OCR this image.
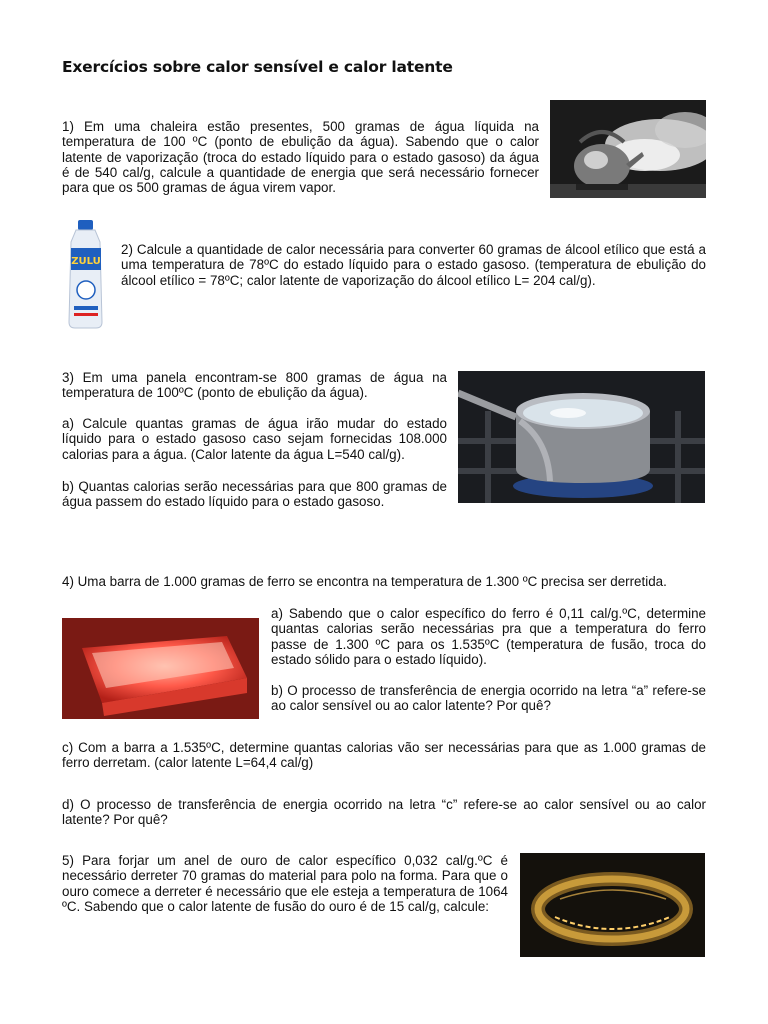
Exercícios sobre calor sensível e calor latente

1) Em uma chaleira estão presentes, 500 gramas de água líquida na temperatura de 100 ºC (ponto de ebulição da água). Sabendo que o calor latente de vaporização (troca do estado líquido para o estado gasoso) da água é de 540 cal/g, calcule a quantidade de energia que será necessário fornecer para que os 500 gramas de água virem vapor.

ZULU

2) Calcule a quantidade de calor necessária para converter 60 gramas de álcool etílico que está a uma temperatura de 78ºC do estado líquido para o estado gasoso. (temperatura de ebulição do álcool etílico = 78ºC; calor latente de vaporização do álcool etílico L= 204 cal/g).

3) Em uma panela encontram-se 800 gramas de água na temperatura de 100ºC (ponto de ebulição da água).

a) Calcule quantas gramas de água irão mudar do estado líquido para o estado gasoso caso sejam fornecidas 108.000 calorias para a água. (Calor latente da água L=540 cal/g).

b) Quantas calorias serão necessárias para que 800 gramas de água passem do estado líquido para o estado gasoso.

4) Uma barra de 1.000 gramas de ferro se encontra na temperatura de 1.300 ºC precisa ser derretida.

a) Sabendo que o calor específico do ferro é 0,11 cal/g.ºC, determine quantas calorias serão necessárias pra que a temperatura do ferro passe de 1.300 ºC para os 1.535ºC (temperatura de fusão, troca do estado sólido para o estado líquido).

b) O processo de transferência de energia ocorrido na letra “a” refere-se ao calor sensível ou ao calor latente? Por quê?

c) Com a barra a 1.535ºC, determine quantas calorias vão ser necessárias para que as 1.000 gramas de ferro derretam. (calor latente L=64,4 cal/g)

d) O processo de transferência de energia ocorrido na letra “c” refere-se ao calor sensível ou ao calor latente? Por quê?

5) Para forjar um anel de ouro de calor específico 0,032 cal/g.ºC é necessário derreter 70 gramas do material para polo na forma. Para que o ouro comece a derreter é necessário que ele esteja a temperatura de 1064 ºC. Sabendo que o calor latente de fusão do ouro é de 15 cal/g, calcule:
